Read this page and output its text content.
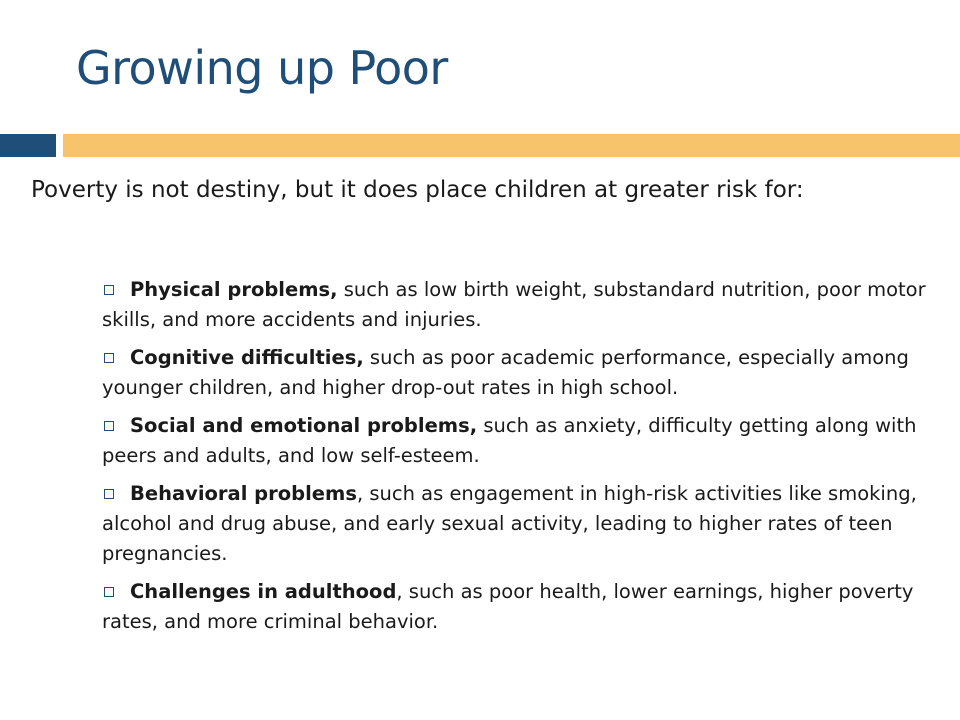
Growing up Poor
Poverty is not destiny, but it does place children at greater risk for:
Physical problems, such as low birth weight, substandard nutrition, poor motor skills, and more accidents and injuries.
Cognitive difficulties, such as poor academic performance, especially among younger children, and higher drop-out rates in high school.
Social and emotional problems, such as anxiety, difficulty getting along with peers and adults, and low self-esteem.
Behavioral problems, such as engagement in high-risk activities like smoking, alcohol and drug abuse, and early sexual activity, leading to higher rates of teen pregnancies.
Challenges in adulthood, such as poor health, lower earnings, higher poverty rates, and more criminal behavior.
